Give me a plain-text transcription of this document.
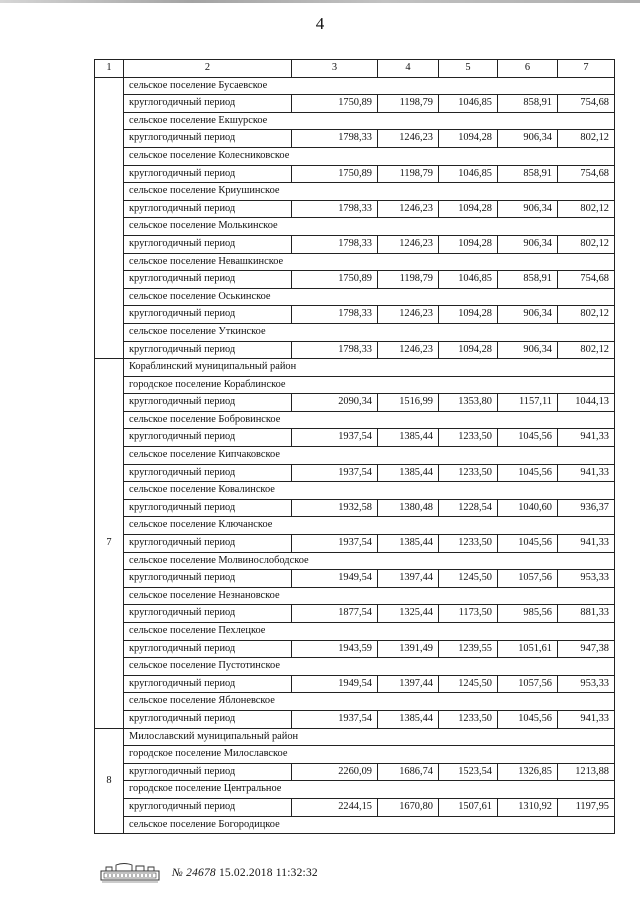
4
1	2	3	4	5	6	7
	сельское поселение Бусаевское					
	круглогодичный период	1750,89	1198,79	1046,85	858,91	754,68
	сельское поселение Екшурское					
	круглогодичный период	1798,33	1246,23	1094,28	906,34	802,12
	сельское поселение Колесниковское					
	круглогодичный период	1750,89	1198,79	1046,85	858,91	754,68
	сельское поселение Криушинское					
	круглогодичный период	1798,33	1246,23	1094,28	906,34	802,12
	сельское поселение Молькинское					
	круглогодичный период	1798,33	1246,23	1094,28	906,34	802,12
	сельское поселение Невашкинское					
	круглогодичный период	1750,89	1198,79	1046,85	858,91	754,68
	сельское поселение Оськинское					
	круглогодичный период	1798,33	1246,23	1094,28	906,34	802,12
	сельское поселение Уткинское					
	круглогодичный период	1798,33	1246,23	1094,28	906,34	802,12
7	Кораблинский муниципальный район					
	городское поселение Кораблинское					
	круглогодичный период	2090,34	1516,99	1353,80	1157,11	1044,13
	сельское поселение Бобровинское					
	круглогодичный период	1937,54	1385,44	1233,50	1045,56	941,33
	сельское поселение Кипчаковское					
	круглогодичный период	1937,54	1385,44	1233,50	1045,56	941,33
	сельское поселение Ковалинское					
	круглогодичный период	1932,58	1380,48	1228,54	1040,60	936,37
	сельское поселение Ключанское					
	круглогодичный период	1937,54	1385,44	1233,50	1045,56	941,33
	сельское поселение Молвинослободское					
	круглогодичный период	1949,54	1397,44	1245,50	1057,56	953,33
	сельское поселение Незнановское					
	круглогодичный период	1877,54	1325,44	1173,50	985,56	881,33
	сельское поселение Пехлецкое					
	круглогодичный период	1943,59	1391,49	1239,55	1051,61	947,38
	сельское поселение Пустотинское					
	круглогодичный период	1949,54	1397,44	1245,50	1057,56	953,33
	сельское поселение Яблоневское					
	круглогодичный период	1937,54	1385,44	1233,50	1045,56	941,33
8	Милославский муниципальный район					
	городское поселение Милославское					
	круглогодичный период	2260,09	1686,74	1523,54	1326,85	1213,88
	городское поселение Центральное					
	круглогодичный период	2244,15	1670,80	1507,61	1310,92	1197,95
	сельское поселение Богородицкое					
№ 24678 15.02.2018 11:32:32
